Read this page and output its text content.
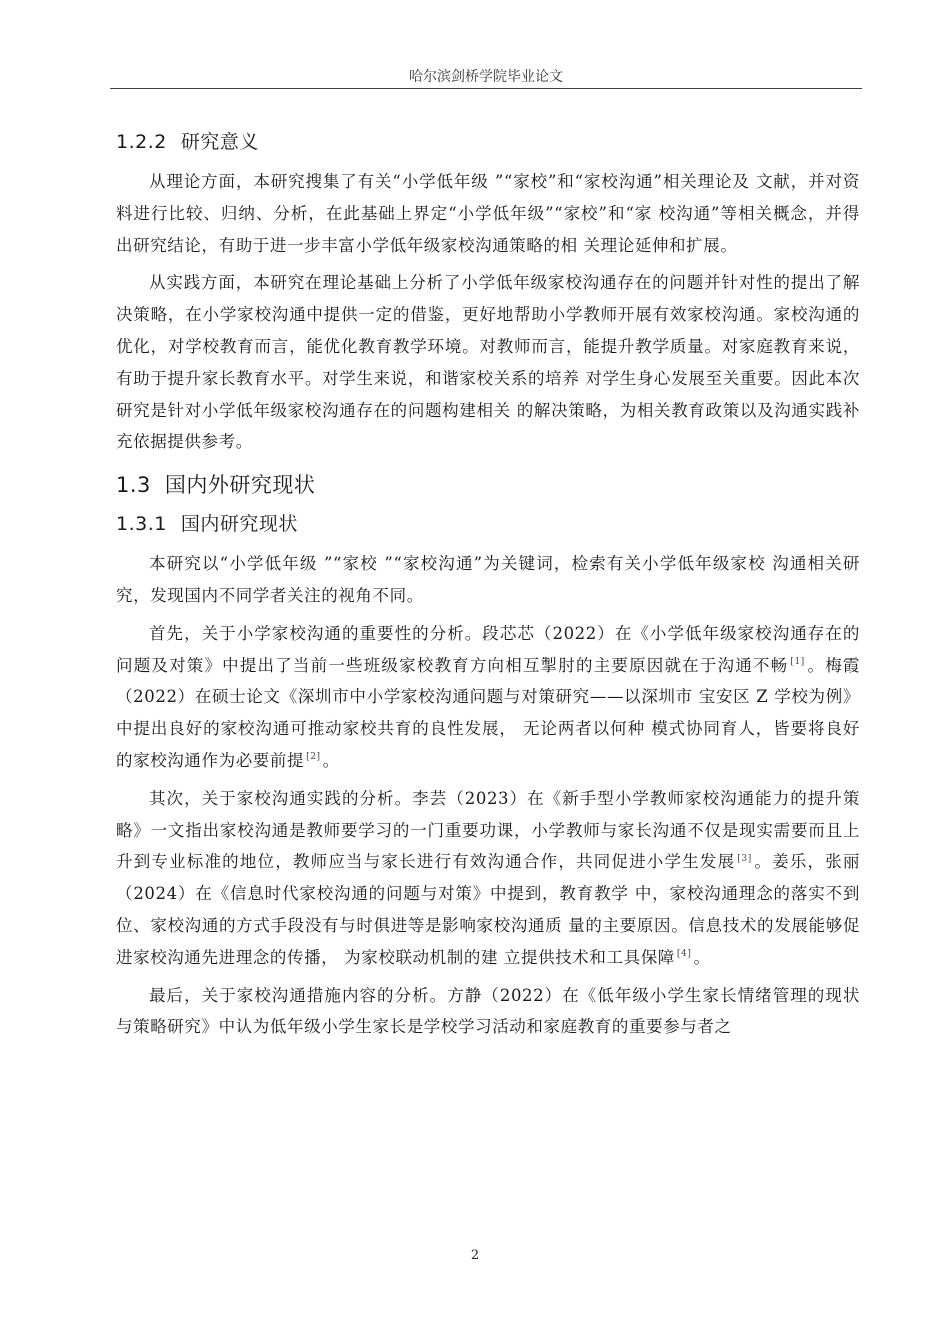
哈尔滨剑桥学院毕业论文
1.2.2 研究意义

从理论方面，本研究搜集了有关“小学低年级 ”“家校”和“家校沟通”相关理论及 文献，并对资料进行比较、归纳、分析，在此基础上界定“小学低年级”“家校”和“家 校沟通”等相关概念，并得出研究结论，有助于进一步丰富小学低年级家校沟通策略的相 关理论延伸和扩展。

从实践方面，本研究在理论基础上分析了小学低年级家校沟通存在的问题并针对性的提出了解决策略，在小学家校沟通中提供一定的借鉴，更好地帮助小学教师开展有效家校沟通。家校沟通的优化，对学校教育而言，能优化教育教学环境。对教师而言，能提升教学质量。对家庭教育来说， 有助于提升家长教育水平。对学生来说，和谐家校关系的培养 对学生身心发展至关重要。因此本次研究是针对小学低年级家校沟通存在的问题构建相关 的解决策略，为相关教育政策以及沟通实践补充依据提供参考。

1.3 国内外研究现状
1.3.1 国内研究现状

本研究以“小学低年级 ”“家校 ”“家校沟通”为关键词，检索有关小学低年级家校 沟通相关研究，发现国内不同学者关注的视角不同。

首先，关于小学家校沟通的重要性的分析。段芯芯（2022）在《小学低年级家校沟通存在的问题及对策》中提出了当前一些班级家校教育方向相互掣肘的主要原因就在于沟通不畅 [1] 。梅霞（2022）在硕士论文《深圳市中小学家校沟通问题与对策研究——以深圳市 宝安区 Z 学校为例》中提出良好的家校沟通可推动家校共育的良性发展， 无论两者以何种 模式协同育人，皆要将良好的家校沟通作为必要前提 [2] 。

其次，关于家校沟通实践的分析。李芸（2023）在《新手型小学教师家校沟通能力的提升策略》一文指出家校沟通是教师要学习的一门重要功课，小学教师与家长沟通不仅是现实需要而且上升到专业标准的地位，教师应当与家长进行有效沟通合作，共同促进小学生发展 [3] 。姜乐，张丽（2024）在《信息时代家校沟通的问题与对策》中提到，教育教学 中，家校沟通理念的落实不到位、家校沟通的方式手段没有与时俱进等是影响家校沟通质 量的主要原因。信息技术的发展能够促进家校沟通先进理念的传播， 为家校联动机制的建 立提供技术和工具保障 [4] 。

最后，关于家校沟通措施内容的分析。方静（2022）在《低年级小学生家长情绪管理的现状与策略研究》中认为低年级小学生家长是学校学习活动和家庭教育的重要参与者之

2
